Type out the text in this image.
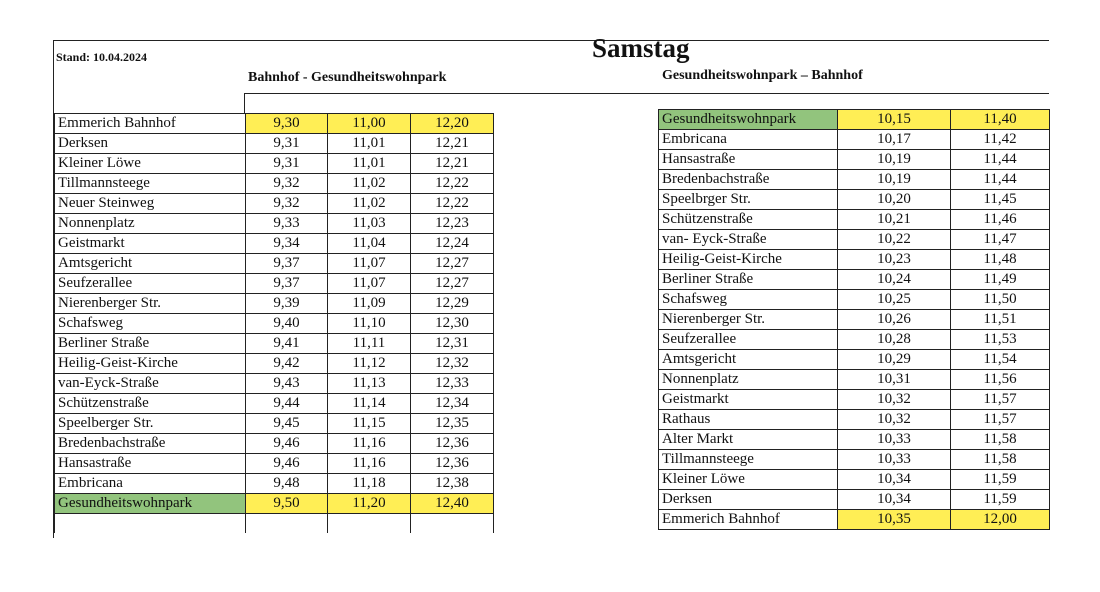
Stand: 10.04.2024	Samstag
Bahnhof - Gesundheitswohnpark	Gesundheitswohnpark – Bahnhof
Emmerich Bahnhof	9,30	11,00	12,20
Derksen	9,31	11,01	12,21
Kleiner Löwe	9,31	11,01	12,21
Tillmannsteege	9,32	11,02	12,22
Neuer Steinweg	9,32	11,02	12,22
Nonnenplatz	9,33	11,03	12,23
Geistmarkt	9,34	11,04	12,24
Amtsgericht	9,37	11,07	12,27
Seufzerallee	9,37	11,07	12,27
Nierenberger Str.	9,39	11,09	12,29
Schafsweg	9,40	11,10	12,30
Berliner Straße	9,41	11,11	12,31
Heilig-Geist-Kirche	9,42	11,12	12,32
van-Eyck-Straße	9,43	11,13	12,33
Schützenstraße	9,44	11,14	12,34
Speelberger Str.	9,45	11,15	12,35
Bredenbachstraße	9,46	11,16	12,36
Hansastraße	9,46	11,16	12,36
Embricana	9,48	11,18	12,38
Gesundheitswohnpark	9,50	11,20	12,40

Gesundheitswohnpark	10,15	11,40
Embricana	10,17	11,42
Hansastraße	10,19	11,44
Bredenbachstraße	10,19	11,44
Speelbrger Str.	10,20	11,45
Schützenstraße	10,21	11,46
van- Eyck-Straße	10,22	11,47
Heilig-Geist-Kirche	10,23	11,48
Berliner Straße	10,24	11,49
Schafsweg	10,25	11,50
Nierenberger Str.	10,26	11,51
Seufzerallee	10,28	11,53
Amtsgericht	10,29	11,54
Nonnenplatz	10,31	11,56
Geistmarkt	10,32	11,57
Rathaus	10,32	11,57
Alter Markt	10,33	11,58
Tillmannsteege	10,33	11,58
Kleiner Löwe	10,34	11,59
Derksen	10,34	11,59
Emmerich Bahnhof	10,35	12,00
